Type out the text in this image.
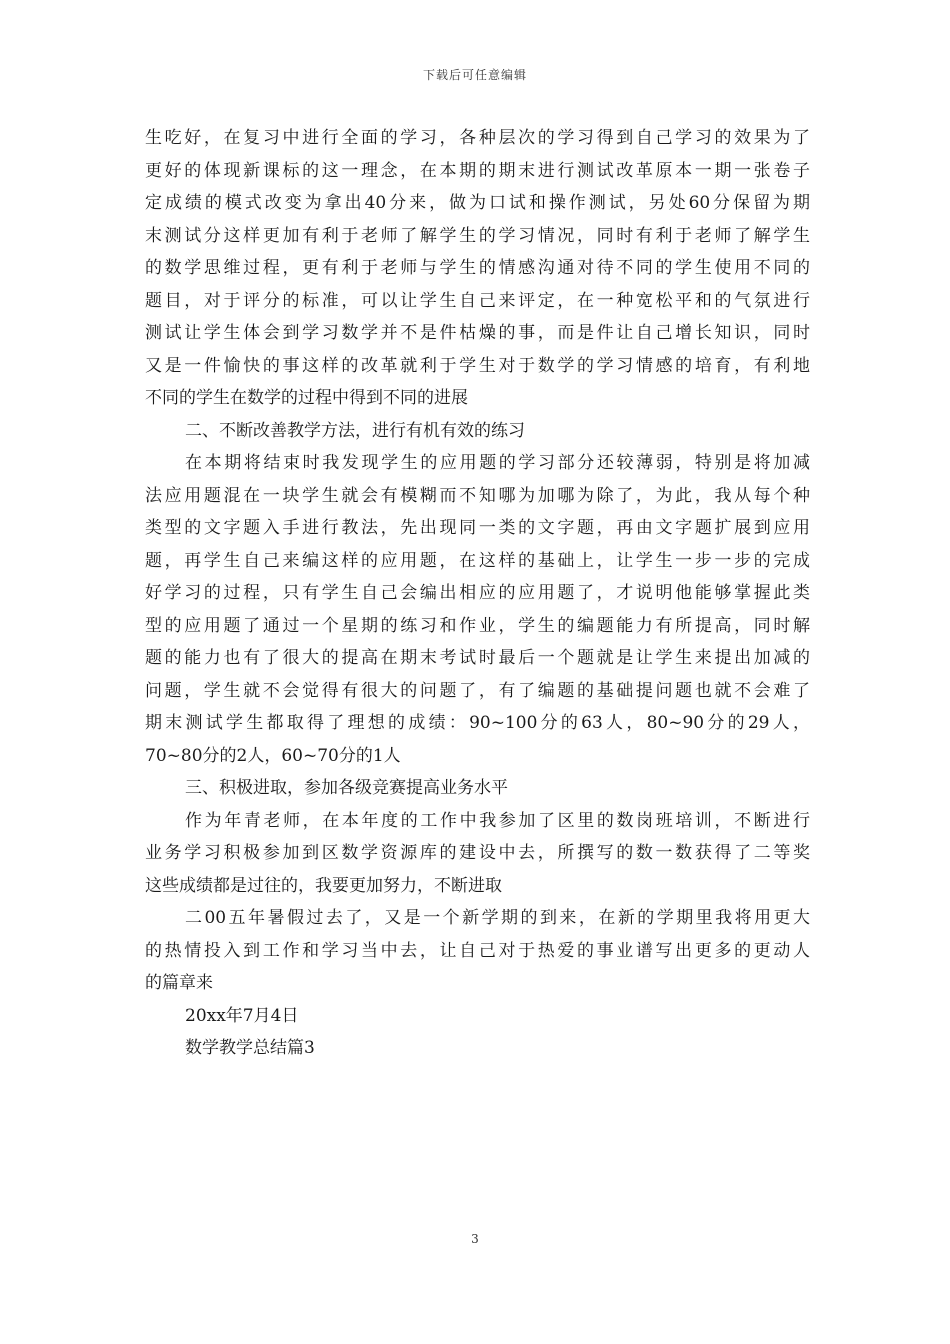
下载后可任意编辑
生吃好，在复习中进行全面的学习，各种层次的学习得到自己学习的效果为了
更好的体现新课标的这一理念，在本期的期末进行测试改革原本一期一张卷子
定成绩的模式改变为拿出40分来，做为口试和操作测试，另处60分保留为期
末测试分这样更加有利于老师了解学生的学习情况，同时有利于老师了解学生
的数学思维过程，更有利于老师与学生的情感沟通对待不同的学生使用不同的
题目，对于评分的标准，可以让学生自己来评定，在一种宽松平和的气氛进行
测试让学生体会到学习数学并不是件枯燥的事，而是件让自己增长知识，同时
又是一件愉快的事这样的改革就利于学生对于数学的学习情感的培育，有利地
不同的学生在数学的过程中得到不同的进展
二、不断改善教学方法，进行有机有效的练习
在本期将结束时我发现学生的应用题的学习部分还较薄弱，特别是将加减
法应用题混在一块学生就会有模糊而不知哪为加哪为除了，为此，我从每个种
类型的文字题入手进行教法，先出现同一类的文字题，再由文字题扩展到应用
题，再学生自己来编这样的应用题，在这样的基础上，让学生一步一步的完成
好学习的过程，只有学生自己会编出相应的应用题了，才说明他能够掌握此类
型的应用题了通过一个星期的练习和作业，学生的编题能力有所提高，同时解
题的能力也有了很大的提高在期末考试时最后一个题就是让学生来提出加减的
问题，学生就不会觉得有很大的问题了，有了编题的基础提问题也就不会难了
期末测试学生都取得了理想的成绩：90~100分的63人，80~90分的29人，
70~80分的2人，60~70分的1人
三、积极进取，参加各级竞赛提高业务水平
作为年青老师，在本年度的工作中我参加了区里的数岗班培训，不断进行
业务学习积极参加到区数学资源库的建设中去，所撰写的数一数获得了二等奖
这些成绩都是过往的，我要更加努力，不断进取
二00五年暑假过去了，又是一个新学期的到来，在新的学期里我将用更大
的热情投入到工作和学习当中去，让自己对于热爱的事业谱写出更多的更动人
的篇章来
20xx年7月4日
数学教学总结篇3
3
